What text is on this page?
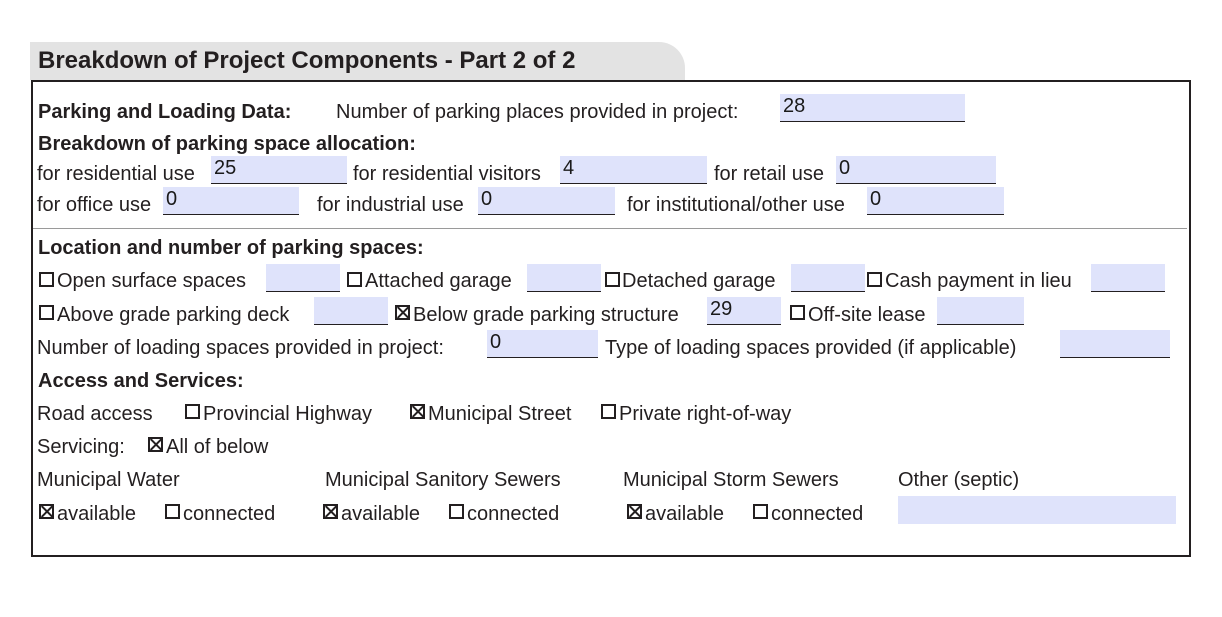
Breakdown of Project Components - Part 2 of 2
Parking and Loading Data: Number of parking places provided in project: 28
Breakdown of parking space allocation:
for residential use 25	for residential visitors 4	for retail use 0
for office use 0	for industrial use 0	for institutional/other use 0
Location and number of parking spaces:
Open surface spaces	Attached garage	Detached garage	Cash payment in lieu
Above grade parking deck	Below grade parking structure 29	Off-site lease
Number of loading spaces provided in project: 0	Type of loading spaces provided (if applicable)
Access and Services:
Road access	Provincial Highway	Municipal Street Private right-of-way
Servicing: All of below
Municipal Water	Municipal Sanitory Sewers	Municipal Storm Sewers	Other (septic)
available connected	available connected	available connected
